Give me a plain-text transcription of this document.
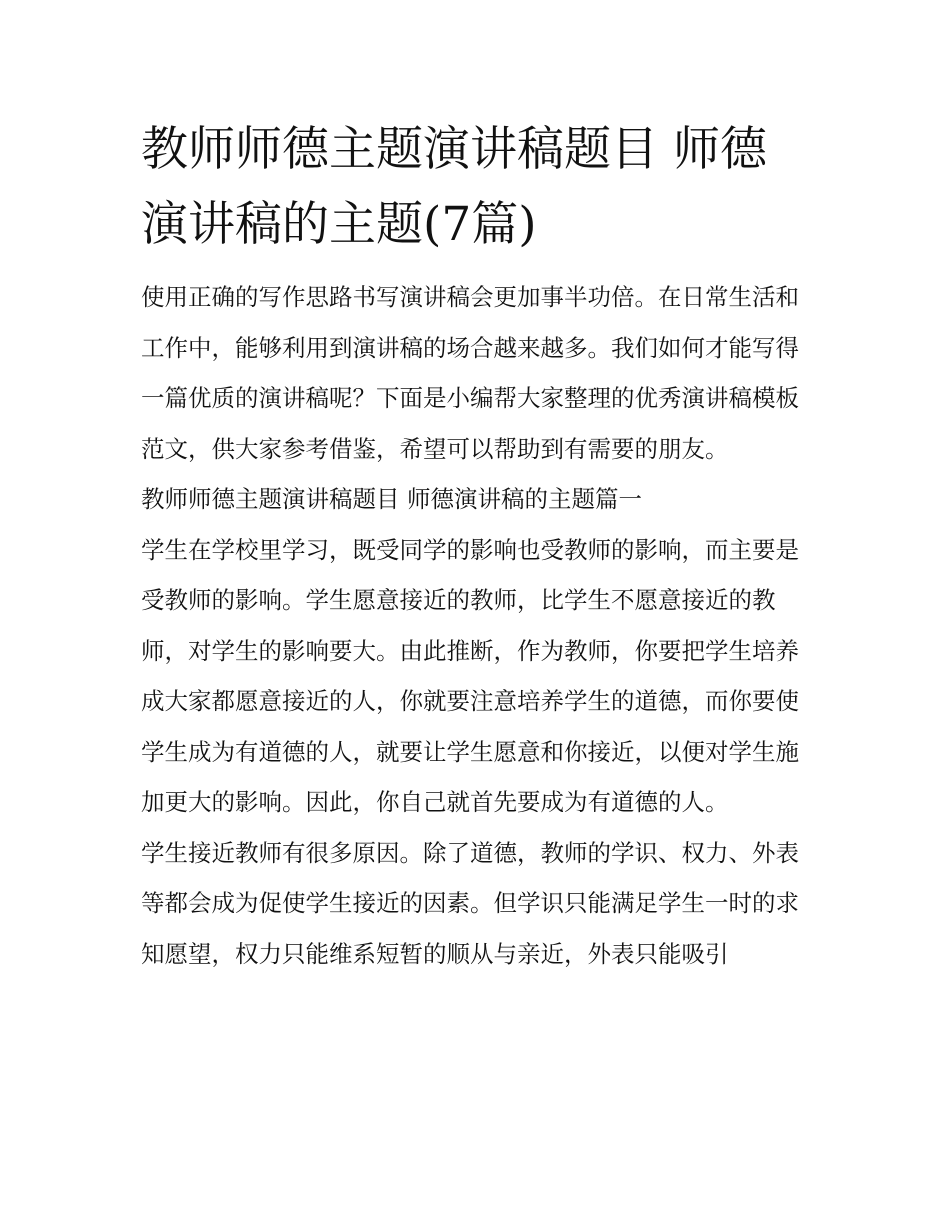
教师师德主题演讲稿题目 师德演讲稿的主题(7篇)

使用正确的写作思路书写演讲稿会更加事半功倍。在日常生活和工作中，能够利用到演讲稿的场合越来越多。我们如何才能写得一篇优质的演讲稿呢？下面是小编帮大家整理的优秀演讲稿模板范文，供大家参考借鉴，希望可以帮助到有需要的朋友。

教师师德主题演讲稿题目 师德演讲稿的主题篇一

学生在学校里学习，既受同学的影响也受教师的影响，而主要是受教师的影响。学生愿意接近的教师，比学生不愿意接近的教师，对学生的影响要大。由此推断，作为教师，你要把学生培养成大家都愿意接近的人，你就要注意培养学生的道德，而你要使学生成为有道德的人，就要让学生愿意和你接近，以便对学生施加更大的影响。因此，你自己就首先要成为有道德的人。

学生接近教师有很多原因。除了道德，教师的学识、权力、外表等都会成为促使学生接近的因素。但学识只能满足学生一时的求知愿望，权力只能维系短暂的顺从与亲近，外表只能吸引
